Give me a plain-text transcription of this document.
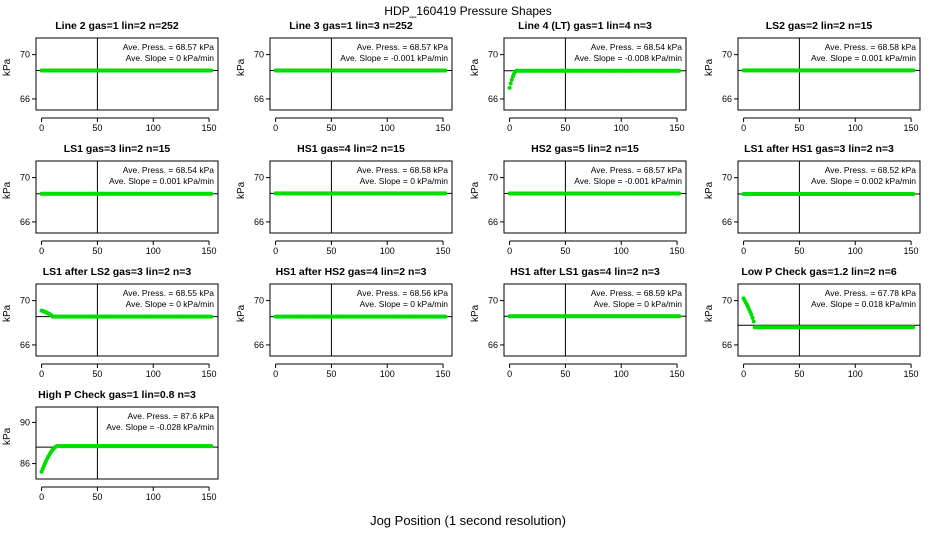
HDP_160419 Pressure Shapes
Line 2 gas=1 lin=2 n=252
kPa
Ave. Press. = 68.57 kPa
Ave. Slope = 0 kPa/min
66
70
0	50	100	150
Line 3 gas=1 lin=3 n=252
kPa
Ave. Press. = 68.57 kPa
Ave. Slope = -0.001 kPa/min
66
70
0	50	100	150
Line 4 (LT) gas=1 lin=4 n=3
kPa
Ave. Press. = 68.54 kPa
Ave. Slope = -0.008 kPa/min
66
70
0	50	100	150
LS2 gas=2 lin=2 n=15
kPa
Ave. Press. = 68.58 kPa
Ave. Slope = 0.001 kPa/min
66
70
0	50	100	150
LS1 gas=3 lin=2 n=15
kPa
Ave. Press. = 68.54 kPa
Ave. Slope = 0.001 kPa/min
66
70
0	50	100	150
HS1 gas=4 lin=2 n=15
kPa
Ave. Press. = 68.58 kPa
Ave. Slope = 0 kPa/min
66
70
0	50	100	150
HS2 gas=5 lin=2 n=15
kPa
Ave. Press. = 68.57 kPa
Ave. Slope = -0.001 kPa/min
66
70
0	50	100	150
LS1 after HS1 gas=3 lin=2 n=3
kPa
Ave. Press. = 68.52 kPa
Ave. Slope = 0.002 kPa/min
66
70
0	50	100	150
LS1 after LS2 gas=3 lin=2 n=3
kPa
Ave. Press. = 68.55 kPa
Ave. Slope = 0 kPa/min
66
70
0	50	100	150
HS1 after HS2 gas=4 lin=2 n=3
kPa
Ave. Press. = 68.56 kPa
Ave. Slope = 0 kPa/min
66
70
0	50	100	150
HS1 after LS1 gas=4 lin=2 n=3
kPa
Ave. Press. = 68.59 kPa
Ave. Slope = 0 kPa/min
66
70
0	50	100	150
Low P Check gas=1.2 lin=2 n=6
kPa
Ave. Press. = 67.78 kPa
Ave. Slope = 0.018 kPa/min
66
70
0	50	100	150
High P Check gas=1 lin=0.8 n=3
kPa
Ave. Press. = 87.6 kPa
Ave. Slope = -0.028 kPa/min
86
90
0	50	100	150
Jog Position (1 second resolution)
